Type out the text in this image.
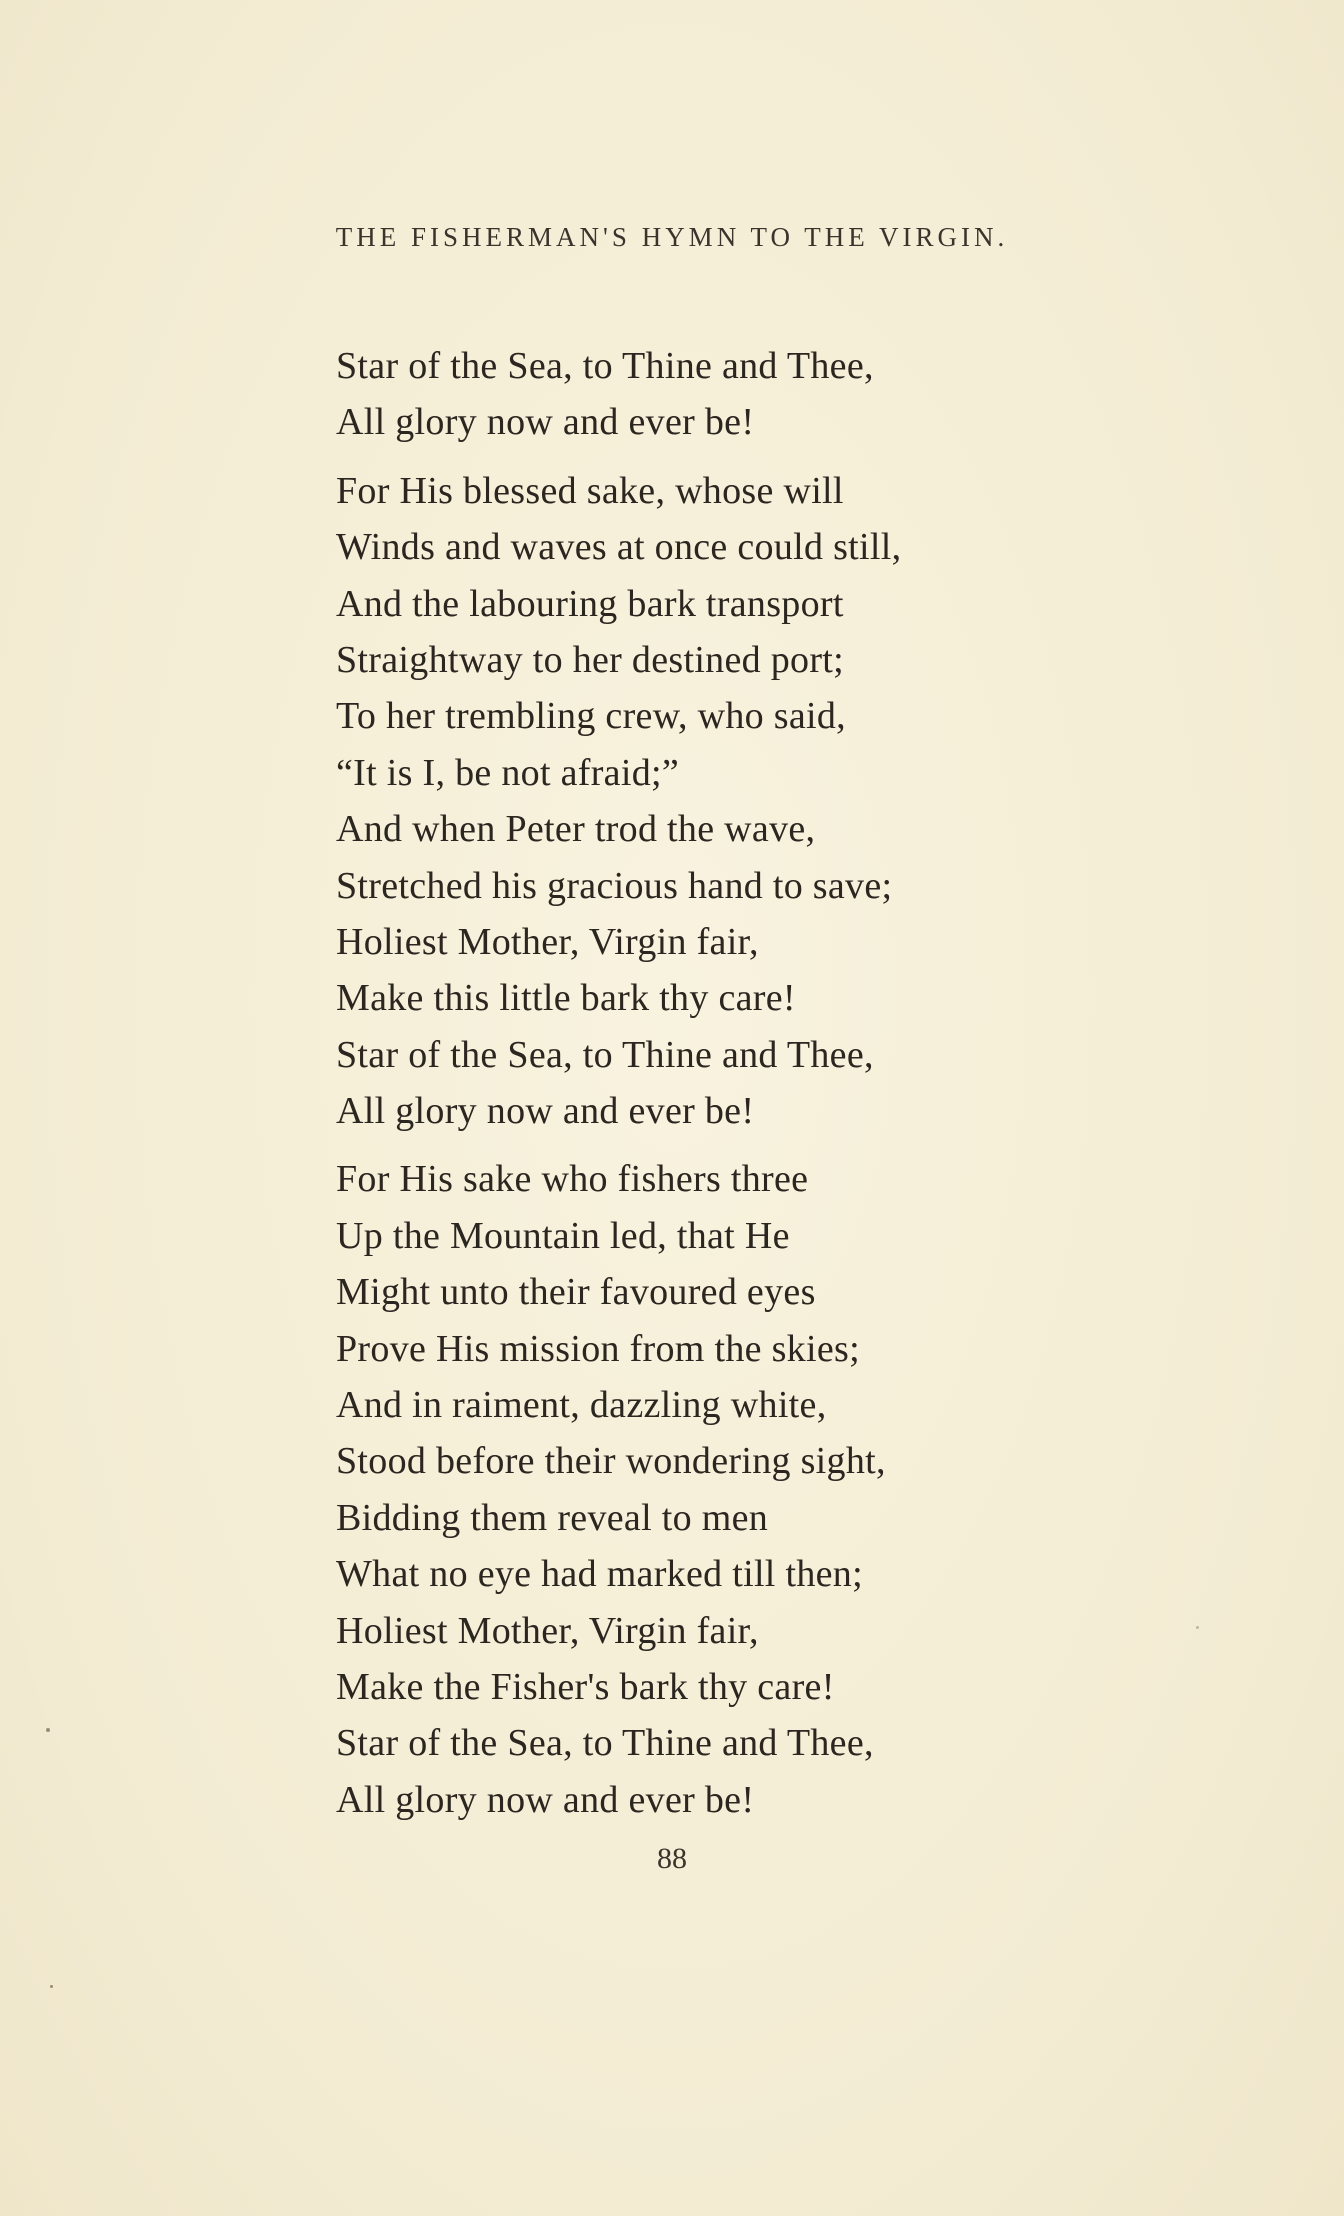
THE FISHERMAN'S HYMN TO THE VIRGIN.
Star of the Sea, to Thine and Thee,
All glory now and ever be!
For His blessed sake, whose will
Winds and waves at once could still,
And the labouring bark transport
Straightway to her destined port;
To her trembling crew, who said,
“It is I, be not afraid;”
And when Peter trod the wave,
Stretched his gracious hand to save;
Holiest Mother, Virgin fair,
Make this little bark thy care!
Star of the Sea, to Thine and Thee,
All glory now and ever be!
For His sake who fishers three
Up the Mountain led, that He
Might unto their favoured eyes
Prove His mission from the skies;
And in raiment, dazzling white,
Stood before their wondering sight,
Bidding them reveal to men
What no eye had marked till then;
Holiest Mother, Virgin fair,
Make the Fisher's bark thy care!
Star of the Sea, to Thine and Thee,
All glory now and ever be!
88
